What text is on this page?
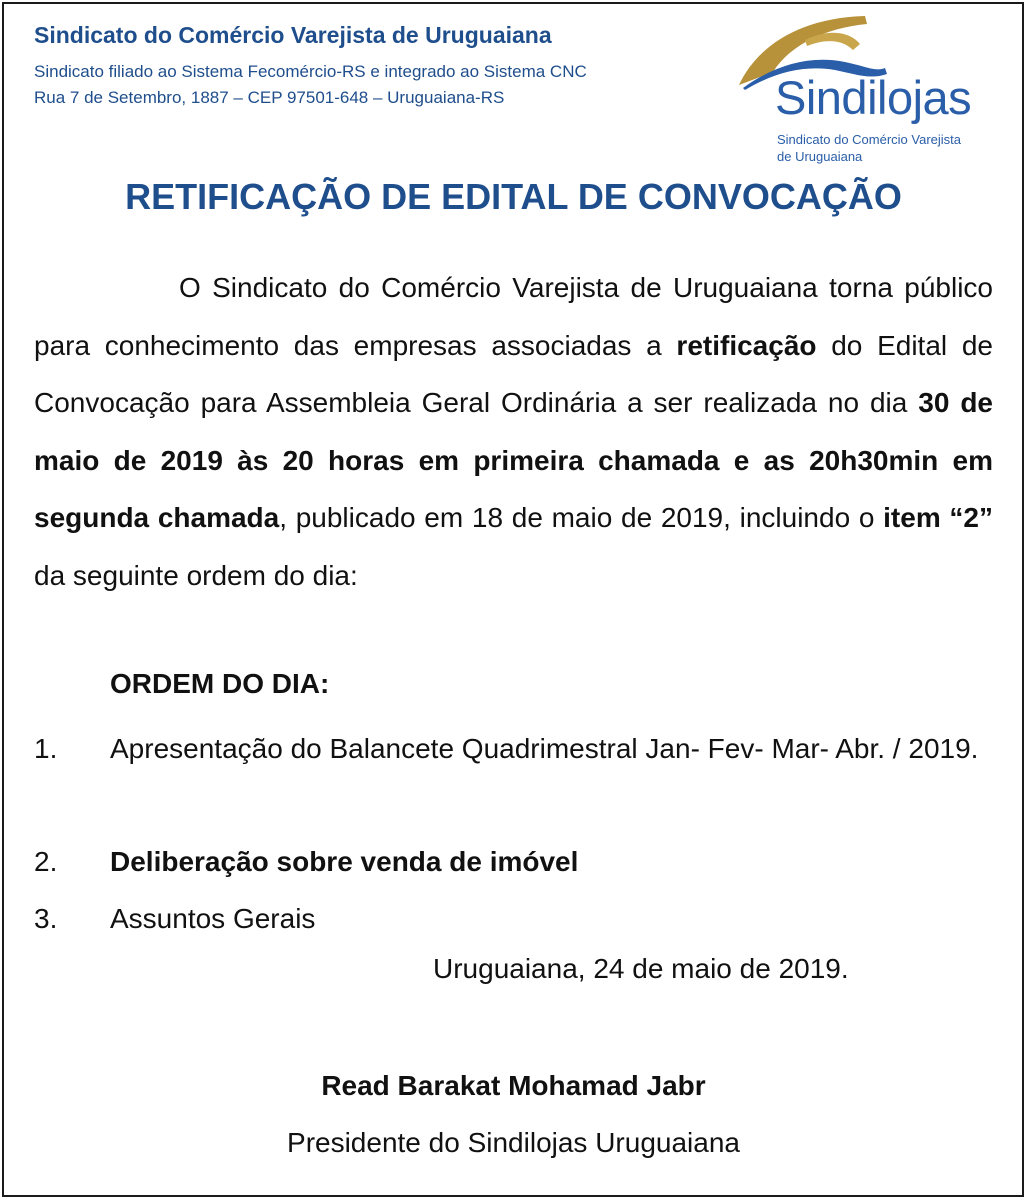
Sindicato do Comércio Varejista de Uruguaiana
Sindicato filiado ao Sistema Fecomércio-RS e integrado ao Sistema CNC
Rua 7 de Setembro, 1887 – CEP 97501-648 – Uruguaiana-RS	Sindilojas
Sindicato do Comércio Varejista
de Uruguaiana
RETIFICAÇÃO DE EDITAL DE CONVOCAÇÃO
O Sindicato do Comércio Varejista de Uruguaiana torna público para conhecimento das empresas associadas a retificação do Edital de Convocação para Assembleia Geral Ordinária a ser realizada no dia 30 de maio de 2019 às 20 horas em primeira chamada e as 20h30min em segunda chamada, publicado em 18 de maio de 2019, incluindo o item “2” da seguinte ordem do dia:
ORDEM DO DIA:
1. Apresentação do Balancete Quadrimestral Jan- Fev- Mar- Abr. / 2019.
2. Deliberação sobre venda de imóvel
3. Assuntos Gerais
Uruguaiana, 24 de maio de 2019.
Read Barakat Mohamad Jabr
Presidente do Sindilojas Uruguaiana
